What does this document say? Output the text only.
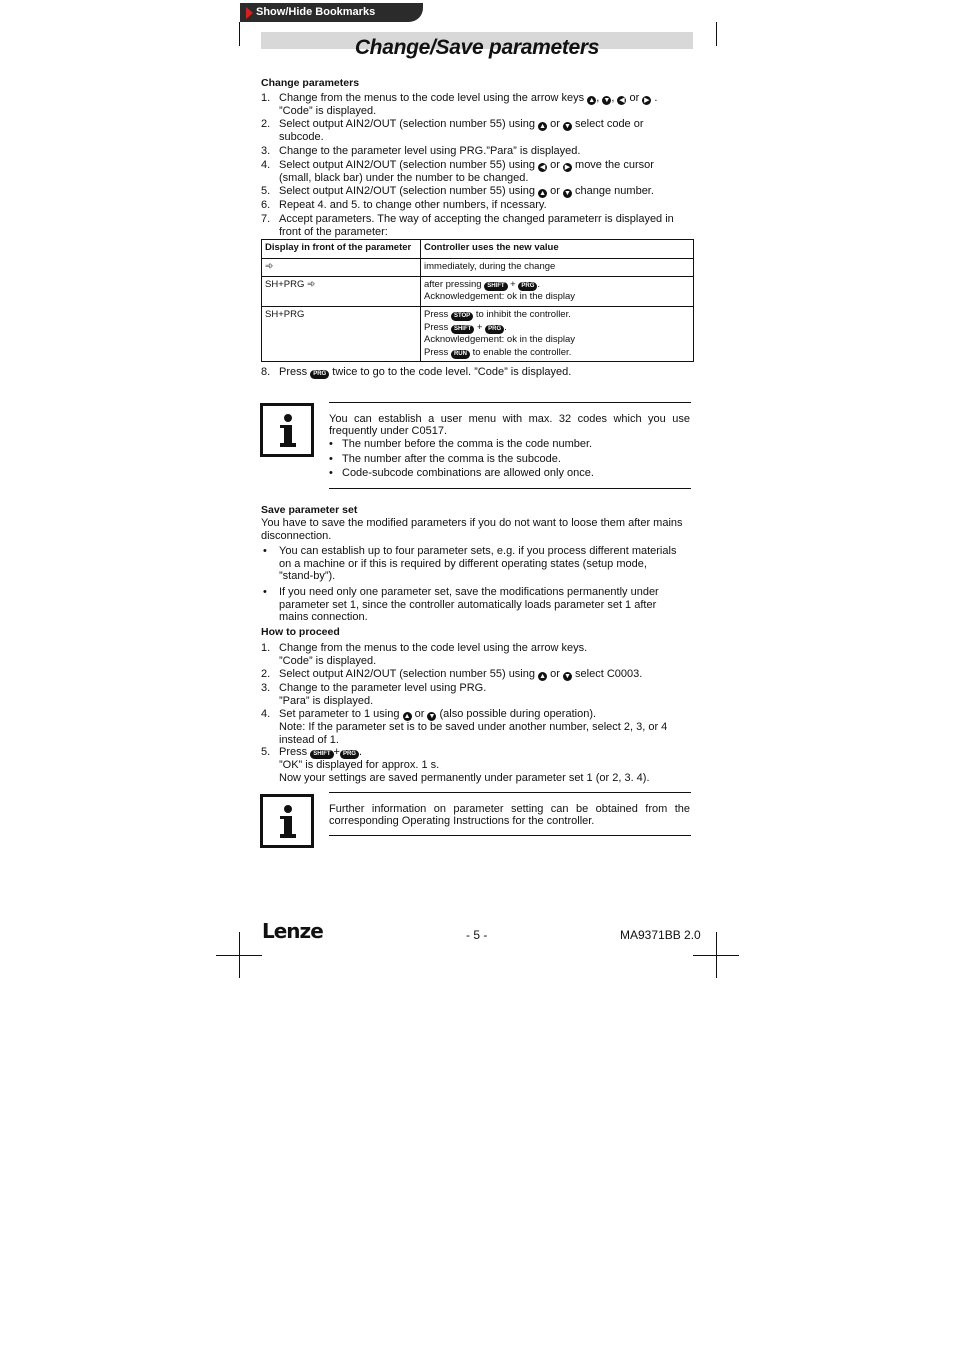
Show/Hide Bookmarks
Change/Save parameters
Change parameters
1. Change from the menus to the code level using the arrow keys ▲, ▼, ◀ or ▶ .
”Code” is displayed.
2. Select output AIN2/OUT (selection number 55) using ▲ or ▼ select code or
subcode.
3. Change to the parameter level using PRG.”Para” is displayed.
4. Select output AIN2/OUT (selection number 55) using ◀ or ▶ move the cursor
(small, black bar) under the number to be changed.
5. Select output AIN2/OUT (selection number 55) using ▲ or ▼ change number.
6. Repeat 4. and 5. to change other numbers, if ncessary.
7. Accept parameters. The way of accepting the changed parameterr is displayed in
front of the parameter:
Display in front of the parameter	Controller uses the new value
➾	immediately, during the change
SH+PRG ➾	after pressing SHIFT + PRG .
Acknowledgement: ok in the display
SH+PRG	Press STOP to inhibit the controller.
Press SHIFT + PRG .
Acknowledgement: ok in the display
Press RUN to enable the controller.
8. Press PRG twice to go to the code level. ”Code” is displayed.
You can establish a user menu with max. 32 codes which you use frequently under C0517.
• The number before the comma is the code number.
• The number after the comma is the subcode.
• Code-subcode combinations are allowed only once.
Save parameter set
You have to save the modified parameters if you do not want to loose them after mains
disconnection.
• You can establish up to four parameter sets, e.g. if you process different materials
on a machine or if this is required by different operating states (setup mode,
”stand-by”).
• If you need only one parameter set, save the modifications permanently under
parameter set 1, since the controller automatically loads parameter set 1 after
mains connection.
How to proceed
1. Change from the menus to the code level using the arrow keys.
”Code” is displayed.
2. Select output AIN2/OUT (selection number 55) using ▲ or ▼ select C0003.
3. Change to the parameter level using PRG.
”Para” is displayed.
4. Set parameter to 1 using ▲ or ▼ (also possible during operation).
Note: If the parameter set is to be saved under another number, select 2, 3, or 4
instead of 1.
5. Press SHIFT + PRG .
”OK” is displayed for approx. 1 s.
Now your settings are saved permanently under parameter set 1 (or 2, 3. 4).
Further information on parameter setting can be obtained from the corresponding Operating Instructions for the controller.
Lenze	- 5 -	MA9371BB 2.0
